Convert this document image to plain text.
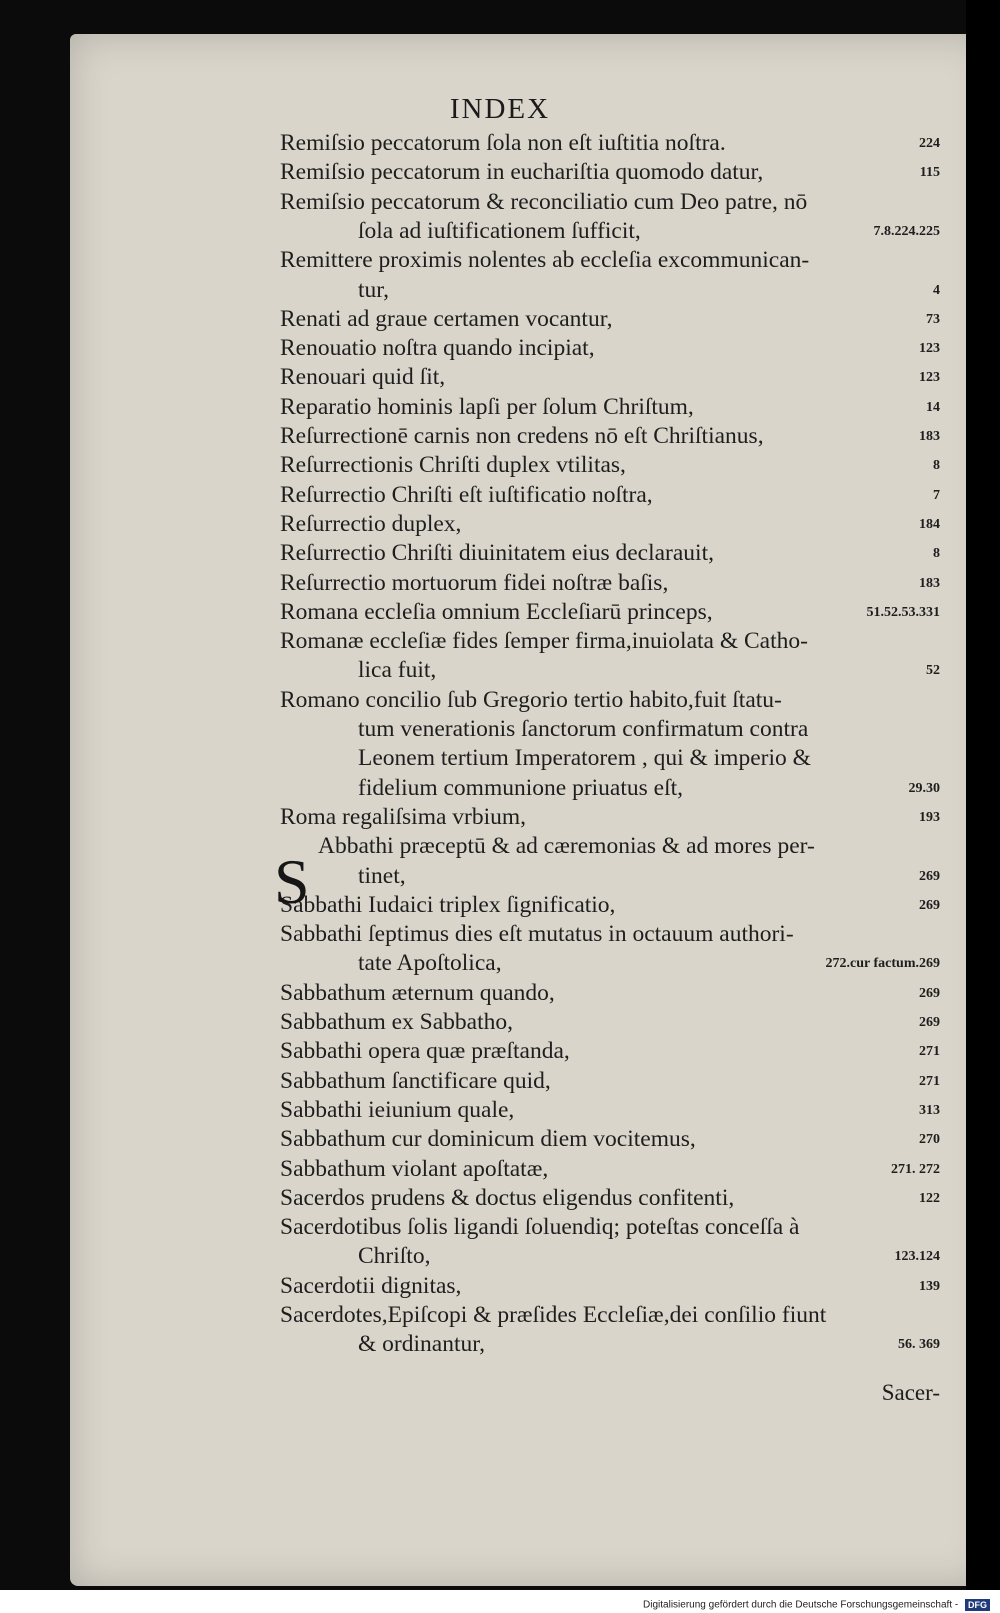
INDEX
Remiſsio peccatorum ſola non eſt iuſtitia noſtra.	224
Remiſsio peccatorum in euchariſtia quomodo datur,	115
Remiſsio peccatorum & reconciliatio cum Deo patre, nō
ſola ad iuſtificationem ſufficit,	7.8.224.225
Remittere proximis nolentes ab eccleſia excommunican-
tur,	4
Renati ad graue certamen vocantur,	73
Renouatio noſtra quando incipiat,	123
Renouari quid ſit,	123
Reparatio hominis lapſi per ſolum Chriſtum,	14
Reſurrectionē carnis non credens nō eſt Chriſtianus,	183
Reſurrectionis Chriſti duplex vtilitas,	8
Reſurrectio Chriſti eſt iuſtificatio noſtra,	7
Reſurrectio duplex,	184
Reſurrectio Chriſti diuinitatem eius declarauit,	8
Reſurrectio mortuorum fidei noſtræ baſis,	183
Romana eccleſia omnium Eccleſiarū princeps,	51.52.53.331
Romanæ eccleſiæ fides ſemper firma,inuiolata & Catho-
lica fuit,	52
Romano concilio ſub Gregorio tertio habito,fuit ſtatu-
tum venerationis ſanctorum confirmatum contra
Leonem tertium Imperatorem , qui & imperio &
fidelium communione priuatus eſt,	29.30
Roma regaliſsima vrbium,	193
Abbathi præceptū & ad cæremonias & ad mores per-
tinet,	269
Sabbathi Iudaici triplex ſignificatio,	269
Sabbathi ſeptimus dies eſt mutatus in octauum authori-
tate Apoſtolica,	272.cur factum.269
Sabbathum æternum quando,	269
Sabbathum ex Sabbatho,	269
Sabbathi opera quæ præſtanda,	271
Sabbathum ſanctificare quid,	271
Sabbathi ieiunium quale,	313
Sabbathum cur dominicum diem vocitemus,	270
Sabbathum violant apoſtatæ,	271. 272
Sacerdos prudens & doctus eligendus confitenti,	122
Sacerdotibus ſolis ligandi ſoluendiq; poteſtas conceſſa à
Chriſto,	123.124
Sacerdotii dignitas,	139
Sacerdotes,Epiſcopi & præſides Eccleſiæ,dei conſilio fiunt
& ordinantur,	56. 369
S
Sacer-
Digitalisierung gefördert durch die Deutsche Forschungsgemeinschaft - DFG
